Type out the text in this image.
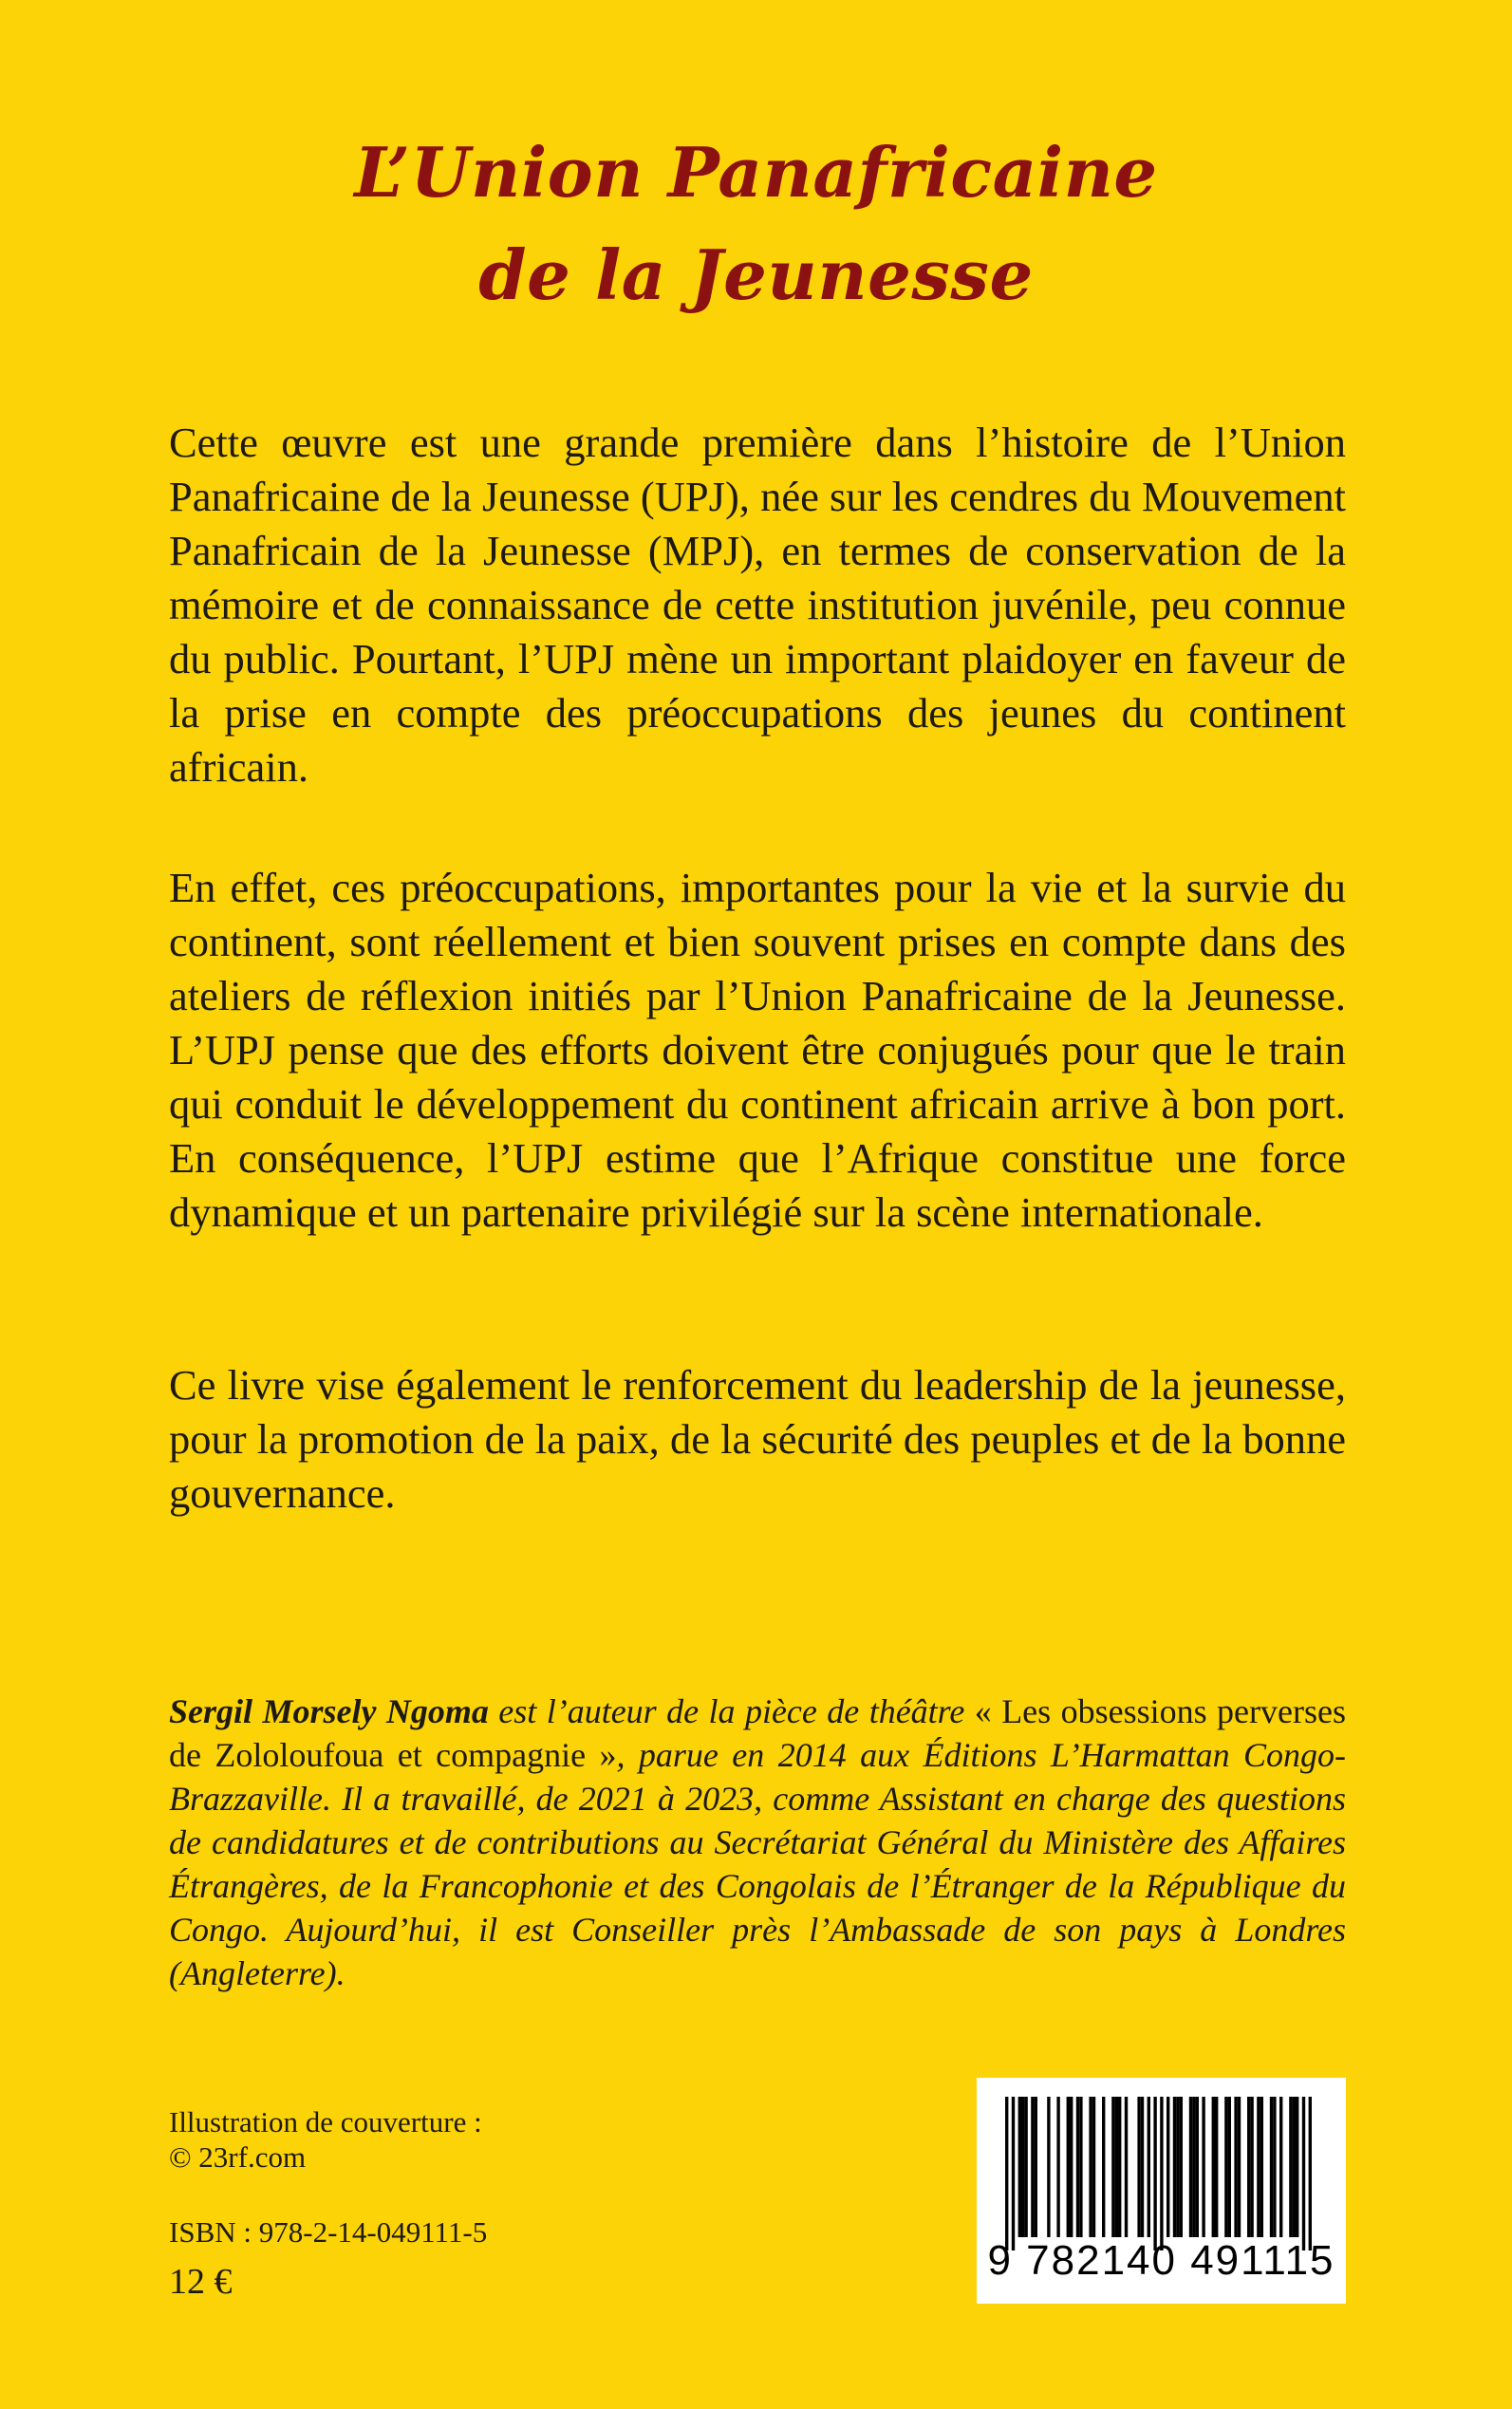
L’Union Panafricaine
de la Jeunesse

Cette œuvre est une grande première dans l’histoire de l’Union Panafricaine de la Jeunesse (UPJ), née sur les cendres du Mouvement Panafricain de la Jeunesse (MPJ), en termes de conservation de la mémoire et de connaissance de cette institution juvénile, peu connue du public. Pourtant, l’UPJ mène un important plaidoyer en faveur de la prise en compte des préoccupations des jeunes du continent africain.

En effet, ces préoccupations, importantes pour la vie et la survie du continent, sont réellement et bien souvent prises en compte dans des ateliers de réflexion initiés par l’Union Panafricaine de la Jeunesse. L’UPJ pense que des efforts doivent être conjugués pour que le train qui conduit le développement du continent africain arrive à bon port. En conséquence, l’UPJ estime que l’Afrique constitue une force dynamique et un partenaire privilégié sur la scène internationale.

Ce livre vise également le renforcement du leadership de la jeunesse, pour la promotion de la paix, de la sécurité des peuples et de la bonne gouvernance.

Sergil Morsely Ngoma est l’auteur de la pièce de théâtre « Les obsessions perverses de Zololoufoua et compagnie », parue en 2014 aux Éditions L’Harmattan Congo-Brazzaville. Il a travaillé, de 2021 à 2023, comme Assistant en charge des questions de candidatures et de contributions au Secrétariat Général du Ministère des Affaires Étrangères, de la Francophonie et des Congolais de l’Étranger de la République du Congo. Aujourd’hui, il est Conseiller près l’Ambassade de son pays à Londres (Angleterre).

Illustration de couverture :
© 23rf.com
ISBN : 978-2-14-049111-5
12 €	9 782140 491115
